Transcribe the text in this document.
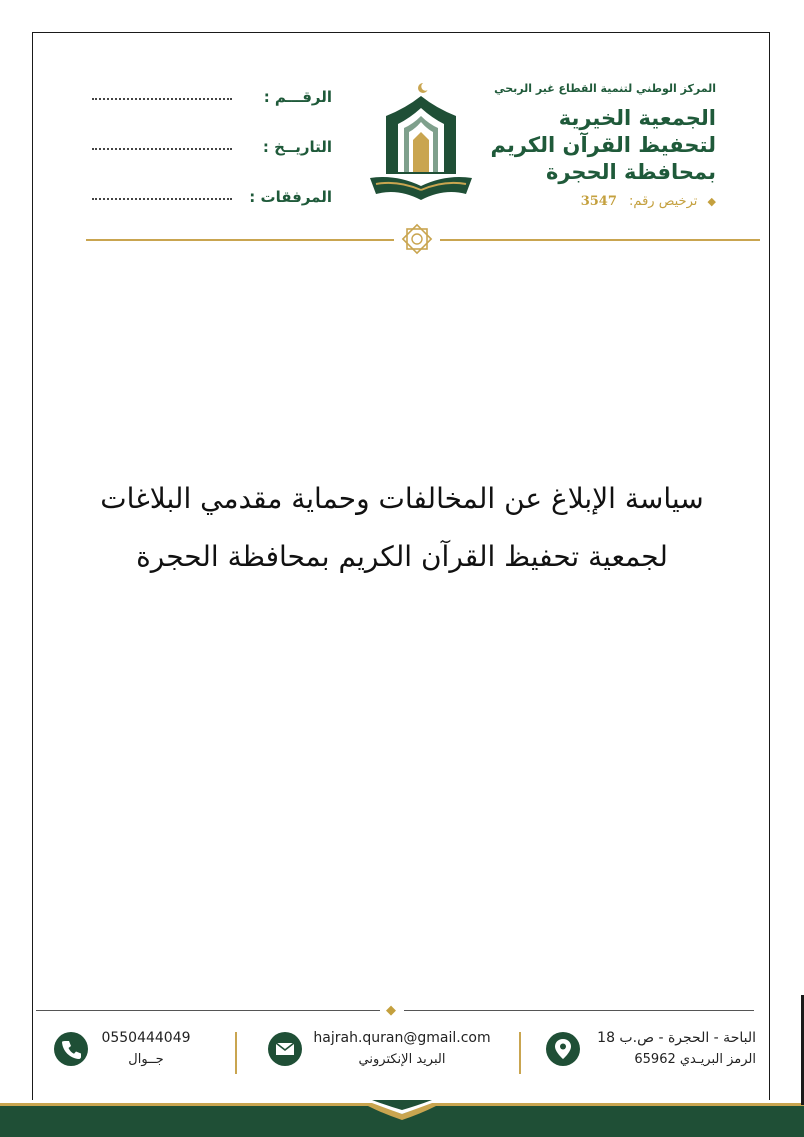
الرقـــم :
التاريــخ :
المرفقات :
المركز الوطني لتنمية القطاع غير الربحي
الجمعية الخيرية
لتحفيظ القرآن الكريم
بمحافظة الحجرة
◆ ترخيص رقم: 3547
سياسة الإبلاغ عن المخالفات وحماية مقدمي البلاغات
لجمعية تحفيظ القرآن الكريم بمحافظة الحجرة
◆
الباحة - الحجرة - ص.ب 18
الرمز البريـدي 65962
hajrah.quran@gmail.com
البريد الإنكتروني
0550444049
جــوال
